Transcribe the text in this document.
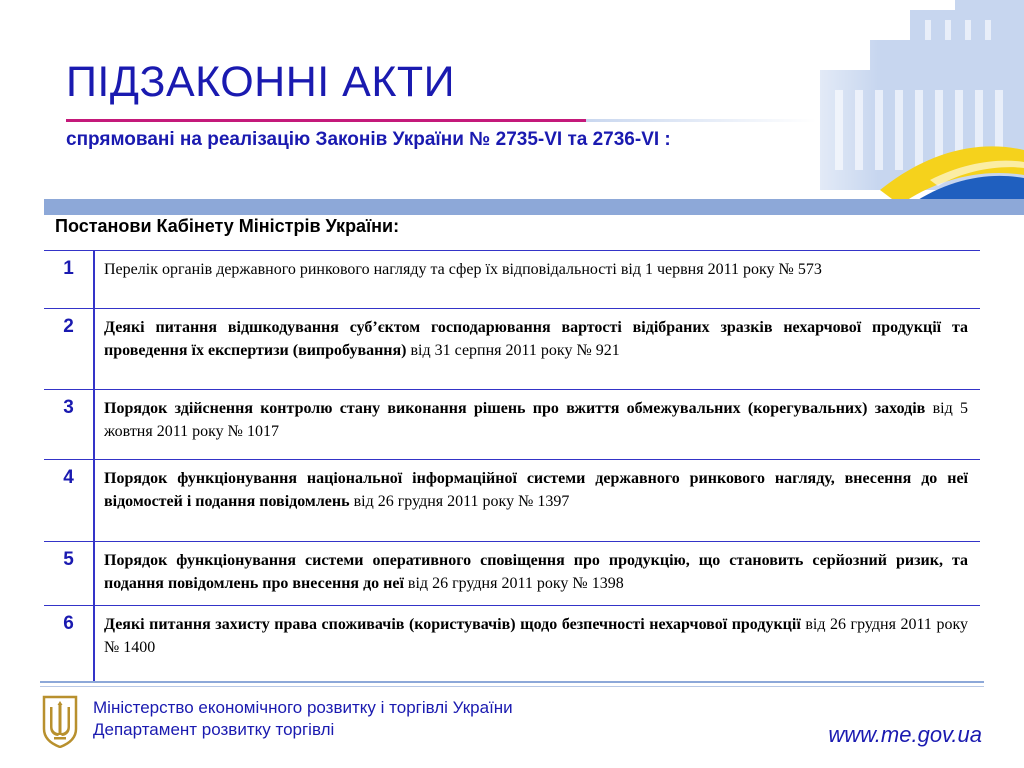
ПІДЗАКОННІ АКТИ
спрямовані на реалізацію Законів України № 2735-VI та 2736-VI :
Постанови Кабінету Міністрів України:
1	Перелік органів державного ринкового нагляду та сфер їх відповідальності від 1 червня 2011 року № 573
2	Деякі питання відшкодування суб’єктом господарювання вартості відібраних зразків нехарчової продукції та проведення їх експертизи (випробування) від 31 серпня 2011 року № 921
3	Порядок здійснення контролю стану виконання рішень про вжиття обмежувальних (корегувальних) заходів від 5 жовтня 2011 року № 1017
4	Порядок функціонування національної інформаційної системи державного ринкового нагляду, внесення до неї відомостей і подання повідомлень від 26 грудня 2011 року № 1397
5	Порядок функціонування системи оперативного сповіщення про продукцію, що становить серйозний ризик, та подання повідомлень про внесення до неї від 26 грудня 2011 року № 1398
6	Деякі питання захисту права споживачів (користувачів) щодо безпечності нехарчової продукції від 26 грудня 2011 року № 1400
Міністерство економічного розвитку і торгівлі України
Департамент розвитку торгівлі	www.me.gov.ua
